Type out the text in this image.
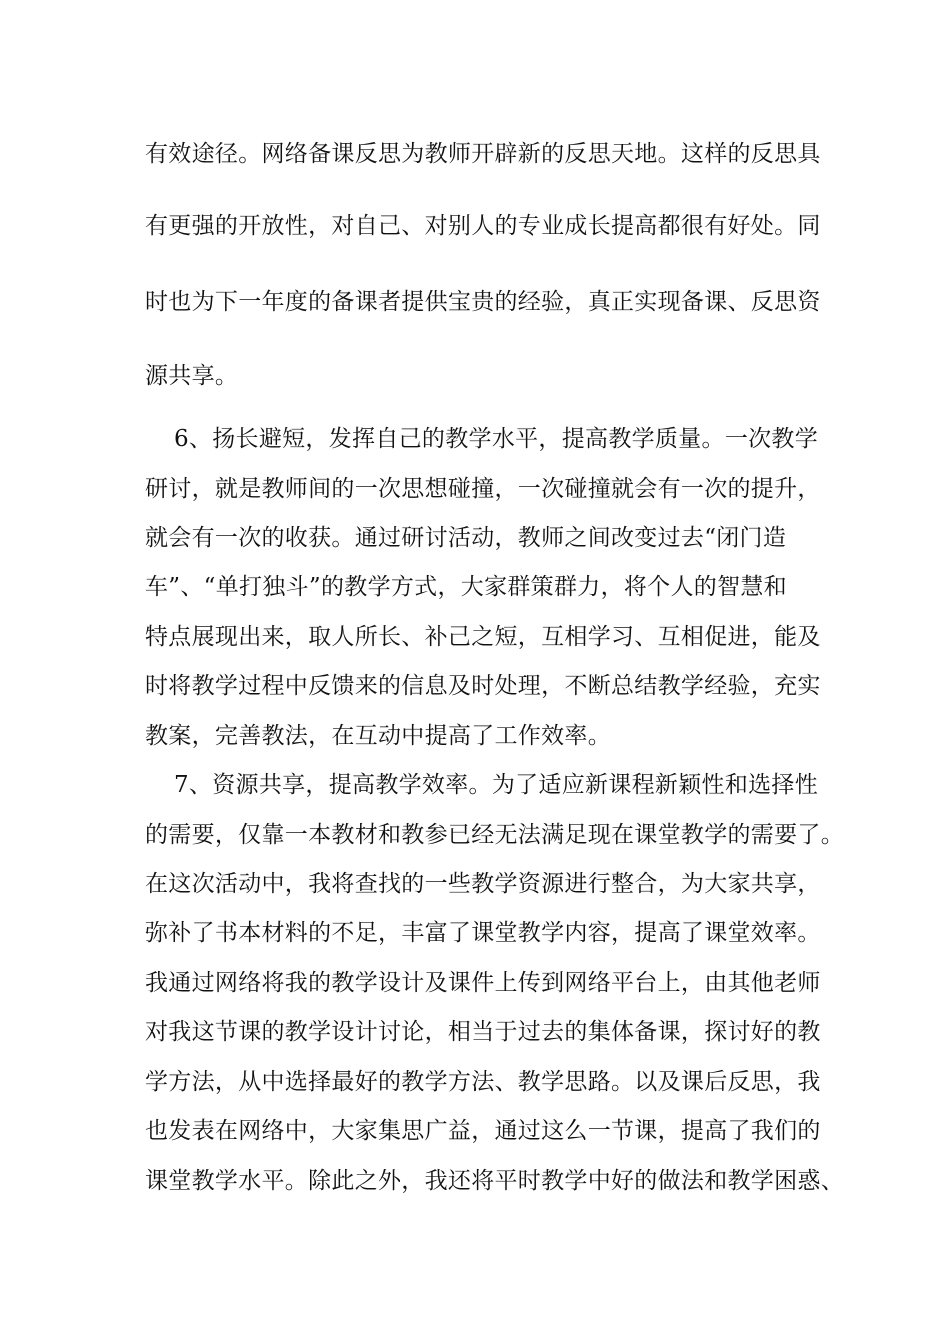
有效途径。网络备课反思为教师开辟新的反思天地。这样的反思具
有更强的开放性，对自己、对别人的专业成长提高都很有好处。同
时也为下一年度的备课者提供宝贵的经验，真正实现备课、反思资
源共享。
6、扬长避短，发挥自己的教学水平，提高教学质量。一次教学
研讨，就是教师间的一次思想碰撞，一次碰撞就会有一次的提升，
就会有一次的收获。通过研讨活动，教师之间改变过去“闭门造
车”、“单打独斗”的教学方式，大家群策群力，将个人的智慧和
特点展现出来，取人所长、补己之短，互相学习、互相促进，能及
时将教学过程中反馈来的信息及时处理，不断总结教学经验，充实
教案，完善教法，在互动中提高了工作效率。
7、资源共享，提高教学效率。为了适应新课程新颖性和选择性
的需要，仅靠一本教材和教参已经无法满足现在课堂教学的需要了。
在这次活动中，我将查找的一些教学资源进行整合，为大家共享，
弥补了书本材料的不足，丰富了课堂教学内容，提高了课堂效率。
我通过网络将我的教学设计及课件上传到网络平台上，由其他老师
对我这节课的教学设计讨论，相当于过去的集体备课，探讨好的教
学方法，从中选择最好的教学方法、教学思路。以及课后反思，我
也发表在网络中，大家集思广益，通过这么一节课，提高了我们的
课堂教学水平。除此之外，我还将平时教学中好的做法和教学困惑、
